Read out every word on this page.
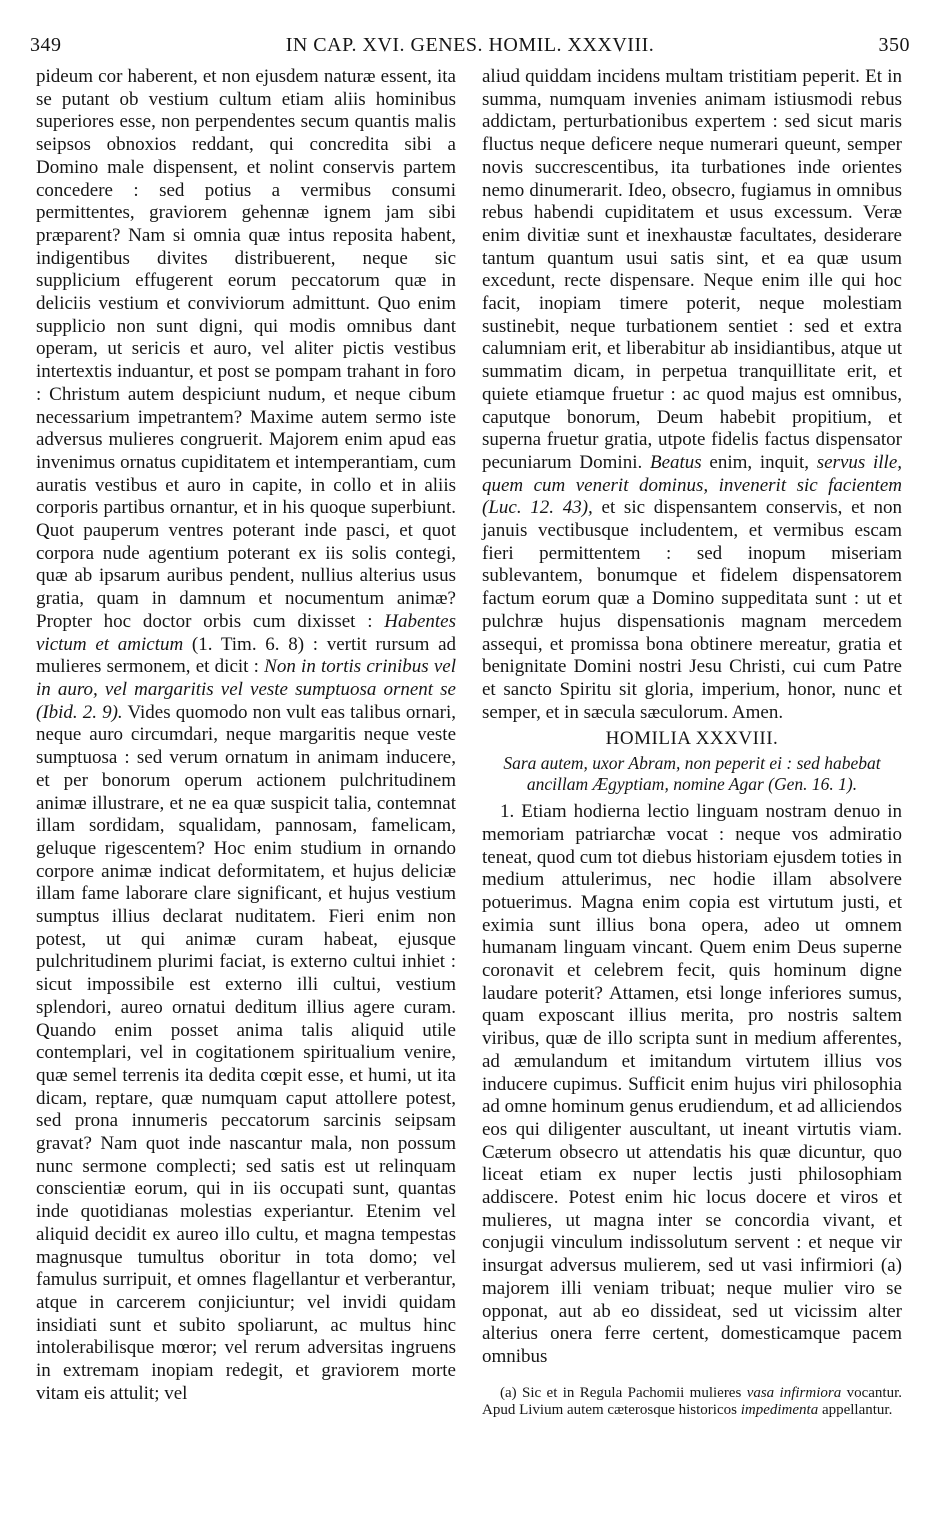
349	IN CAP. XVI. GENES. HOMIL. XXXVIII.	350

pideum cor haberent, et non ejusdem naturæ essent, ita se putant ob vestium cultum etiam aliis hominibus superiores esse, non perpendentes secum quantis malis seipsos obnoxios reddant, qui concredita sibi a Domino male dispensent, et nolint conservis partem concedere : sed potius a vermibus consumi permittentes, graviorem gehennæ ignem jam sibi præparent? Nam si omnia quæ intus reposita habent, indigentibus divites distribuerent, neque sic supplicium effugerent eorum peccatorum quæ in deliciis vestium et conviviorum admittunt. Quo enim supplicio non sunt digni, qui modis omnibus dant operam, ut sericis et auro, vel aliter pictis vestibus intertextis induantur, et post se pompam trahant in foro : Christum autem despiciunt nudum, et neque cibum necessarium impetrantem? Maxime autem sermo iste adversus mulieres congruerit. Majorem enim apud eas invenimus ornatus cupiditatem et intemperantiam, cum auratis vestibus et auro in capite, in collo et in aliis corporis partibus ornantur, et in his quoque superbiunt. Quot pauperum ventres poterant inde pasci, et quot corpora nude agentium poterant ex iis solis contegi, quæ ab ipsarum auribus pendent, nullius alterius usus gratia, quam in damnum et nocumentum animæ? Propter hoc doctor orbis cum dixisset : Habentes victum et amictum (1. Tim. 6. 8) : vertit rursum ad mulieres sermonem, et dicit : Non in tortis crinibus vel in auro, vel margaritis vel veste sumptuosa ornent se (Ibid. 2. 9). Vides quomodo non vult eas talibus ornari, neque auro circumdari, neque margaritis neque veste sumptuosa : sed verum ornatum in animam inducere, et per bonorum operum actionem pulchritudinem animæ illustrare, et ne ea quæ suspicit talia, contemnat illam sordidam, squalidam, pannosam, famelicam, geluque rigescentem? Hoc enim studium in ornando corpore animæ indicat deformitatem, et hujus deliciæ illam fame laborare clare significant, et hujus vestium sumptus illius declarat nuditatem. Fieri enim non potest, ut qui animæ curam habeat, ejusque pulchritudinem plurimi faciat, is externo cultui inhiet : sicut impossibile est externo illi cultui, vestium splendori, aureo ornatui deditum illius agere curam. Quando enim posset anima talis aliquid utile contemplari, vel in cogitationem spiritualium venire, quæ semel terrenis ita dedita cœpit esse, et humi, ut ita dicam, reptare, quæ numquam caput attollere potest, sed prona innumeris peccatorum sarcinis seipsam gravat? Nam quot inde nascantur mala, non possum nunc sermone complecti; sed satis est ut relinquam conscientiæ eorum, qui in iis occupati sunt, quantas inde quotidianas molestias experiantur. Etenim vel aliquid decidit ex aureo illo cultu, et magna tempestas magnusque tumultus oboritur in tota domo; vel famulus surripuit, et omnes flagellantur et verberantur, atque in carcerem conjiciuntur; vel invidi quidam insidiati sunt et subito spoliarunt, ac multus hinc intolerabilisque mœror; vel rerum adversitas ingruens in extremam inopiam redegit, et graviorem morte vitam eis attulit; vel

aliud quiddam incidens multam tristitiam peperit. Et in summa, numquam invenies animam istiusmodi rebus addictam, perturbationibus expertem : sed sicut maris fluctus neque deficere neque numerari queunt, semper novis succrescentibus, ita turbationes inde orientes nemo dinumerarit. Ideo, obsecro, fugiamus in omnibus rebus habendi cupiditatem et usus excessum. Veræ enim divitiæ sunt et inexhaustæ facultates, desiderare tantum quantum usui satis sint, et ea quæ usum excedunt, recte dispensare. Neque enim ille qui hoc facit, inopiam timere poterit, neque molestiam sustinebit, neque turbationem sentiet : sed et extra calumniam erit, et liberabitur ab insidiantibus, atque ut summatim dicam, in perpetua tranquillitate erit, et quiete etiamque fruetur : ac quod majus est omnibus, caputque bonorum, Deum habebit propitium, et superna fruetur gratia, utpote fidelis factus dispensator pecuniarum Domini. Beatus enim, inquit, servus ille, quem cum venerit dominus, invenerit sic facientem (Luc. 12. 43), et sic dispensantem conservis, et non januis vectibusque includentem, et vermibus escam fieri permittentem : sed inopum miseriam sublevantem, bonumque et fidelem dispensatorem factum eorum quæ a Domino suppeditata sunt : ut et pulchræ hujus dispensationis magnam mercedem assequi, et promissa bona obtinere mereatur, gratia et benignitate Domini nostri Jesu Christi, cui cum Patre et sancto Spiritu sit gloria, imperium, honor, nunc et semper, et in sæcula sæculorum. Amen.

HOMILIA XXXVIII.
Sara autem, uxor Abram, non peperit ei : sed habebat ancillam Ægyptiam, nomine Agar (Gen. 16. 1).

1. Etiam hodierna lectio linguam nostram denuo in memoriam patriarchæ vocat : neque vos admiratio teneat, quod cum tot diebus historiam ejusdem toties in medium attulerimus, nec hodie illam absolvere potuerimus. Magna enim copia est virtutum justi, et eximia sunt illius bona opera, adeo ut omnem humanam linguam vincant. Quem enim Deus superne coronavit et celebrem fecit, quis hominum digne laudare poterit? Attamen, etsi longe inferiores sumus, quam exposcant illius merita, pro nostris saltem viribus, quæ de illo scripta sunt in medium afferentes, ad æmulandum et imitandum virtutem illius vos inducere cupimus. Sufficit enim hujus viri philosophia ad omne hominum genus erudiendum, et ad alliciendos eos qui diligenter auscultant, ut ineant virtutis viam. Cæterum obsecro ut attendatis his quæ dicuntur, quo liceat etiam ex nuper lectis justi philosophiam addiscere. Potest enim hic locus docere et viros et mulieres, ut magna inter se concordia vivant, et conjugii vinculum indissolutum servent : et neque vir insurgat adversus mulierem, sed ut vasi infirmiori (a) majorem illi veniam tribuat; neque mulier viro se opponat, aut ab eo dissideat, sed ut vicissim alter alterius onera ferre certent, domesticamque pacem omnibus

(a) Sic et in Regula Pachomii mulieres vasa infirmiora vocantur. Apud Livium autem cæterosque historicos impedimenta appellantur.
